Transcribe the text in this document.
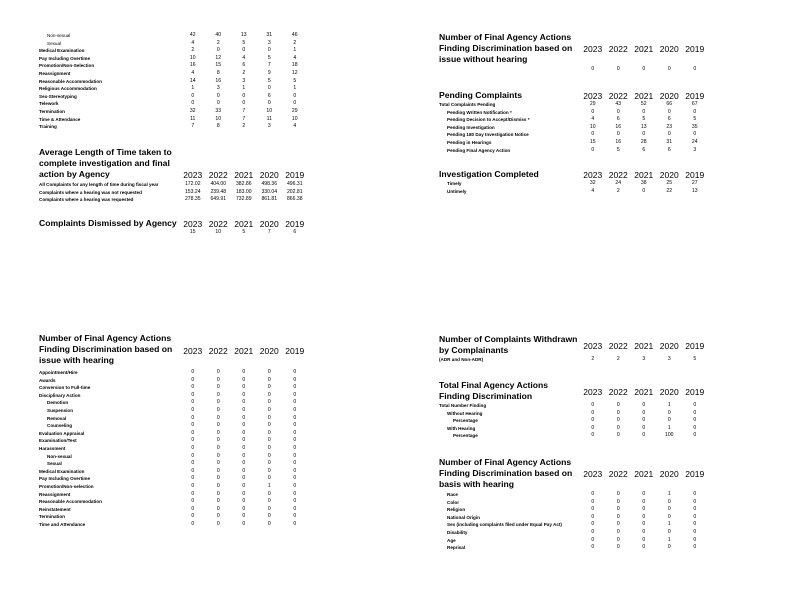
Non-sexual	42	40	13	31	46
Sexual	4	2	5	3	2
Medical Examination	2	0	0	0	1
Pay Including Overtime	10	12	4	5	4
Promotion/Non-Selection	16	15	6	7	18
Reassignment	4	8	2	9	12
Reasonable Accommodation	14	16	3	5	5
Religious Accommodation	1	3	1	0	1
Sex-Stereotyping	0	0	0	6	0
Telework	0	0	0	0	0
Termination	32	33	7	10	29
Time & Attendance	11	10	7	11	10
Training	7	8	2	3	4
Average Length of Time taken to complete investigation and final action by Agency	2023 2022 2021 2020 2019
All Complaints for any length of time during fiscal year	172.02	404.00	382.86	498.36	496.31
Complaints where a hearing was not requested	153.24	239.48	183.00	330.04	202.81
Complaints where a hearing was requested	278.35	649.91	732.89	861.81	866.38
Complaints Dismissed by Agency 2023 2022 2021 2020 2019
15	10	5	7	6
Number of Final Agency Actions Finding Discrimination based on issue without hearing
2023 2022 2021 2020 2019
0	0	0	0	0
Pending Complaints	2023 2022 2021 2020 2019
Total Complaints Pending	29	43	52	66	67
Pending Written Notification *	0	0	0	0	0
Pending Decision to Accept/Dismiss *	4	6	5	6	5
Pending Investigation	10	16	13	23	35
Pending 180 Day Investigation Notice	0	0	0	0	0
Pending in Hearings	15	16	28	31	24
Pending Final Agency Action	0	5	6	6	3
Investigation Completed	2023 2022 2021 2020 2019
Timely	32	24	38	25	27
Untimely	4	2	0	22	13
Number of Final Agency Actions Finding Discrimination based on issue with hearing
2023 2022 2021 2020 2019
Appointment/Hire	0	0	0	0	0
Awards	0	0	0	0	0
Conversion to Full-time	0	0	0	0	0
Disciplinary Action	0	0	0	0	0
Demotion	0	0	0	0	0
Suspension	0	0	0	0	0
Removal	0	0	0	0	0
Counseling	0	0	0	0	0
Evaluation Appraisal	0	0	0	0	0
Examination/Test	0	0	0	0	0
Harassment	0	0	0	0	0
Non-sexual	0	0	0	0	0
Sexual	0	0	0	0	0
Medical Examination	0	0	0	0	0
Pay Including Overtime	0	0	0	0	0
Promotion/Non-selection	0	0	0	1	0
Reassignment	0	0	0	0	0
Reasonable Accommodation	0	0	0	0	0
Reinstatement	0	0	0	0	0
Termination	0	0	0	0	0
Time and Attendance	0	0	0	0	0
Number of Complaints Withdrawn by Complainants	2023 2022 2021 2020 2019
(ADR and Non-ADR)	2	2	3	3	5
Total Final Agency Actions Finding Discrimination	2023 2022 2021 2020 2019
Total Number Finding	0	0	0	1	0
Without Hearing	0	0	0	0	0
Percentage	0	0	0	0	0
With Hearing	0	0	0	1	0
Percentage	0	0	0	100	0
Number of Final Agency Actions Finding Discrimination based on basis with hearing
2023 2022 2021 2020 2019
Race	0	0	0	1	0
Color	0	0	0	0	0
Religion	0	0	0	0	0
National Origin	0	0	0	0	0
Sex (including complaints filed under Equal Pay Act)	0	0	0	1	0
Disability	0	0	0	0	0
Age	0	0	0	1	0
Reprisal	0	0	0	0	0
